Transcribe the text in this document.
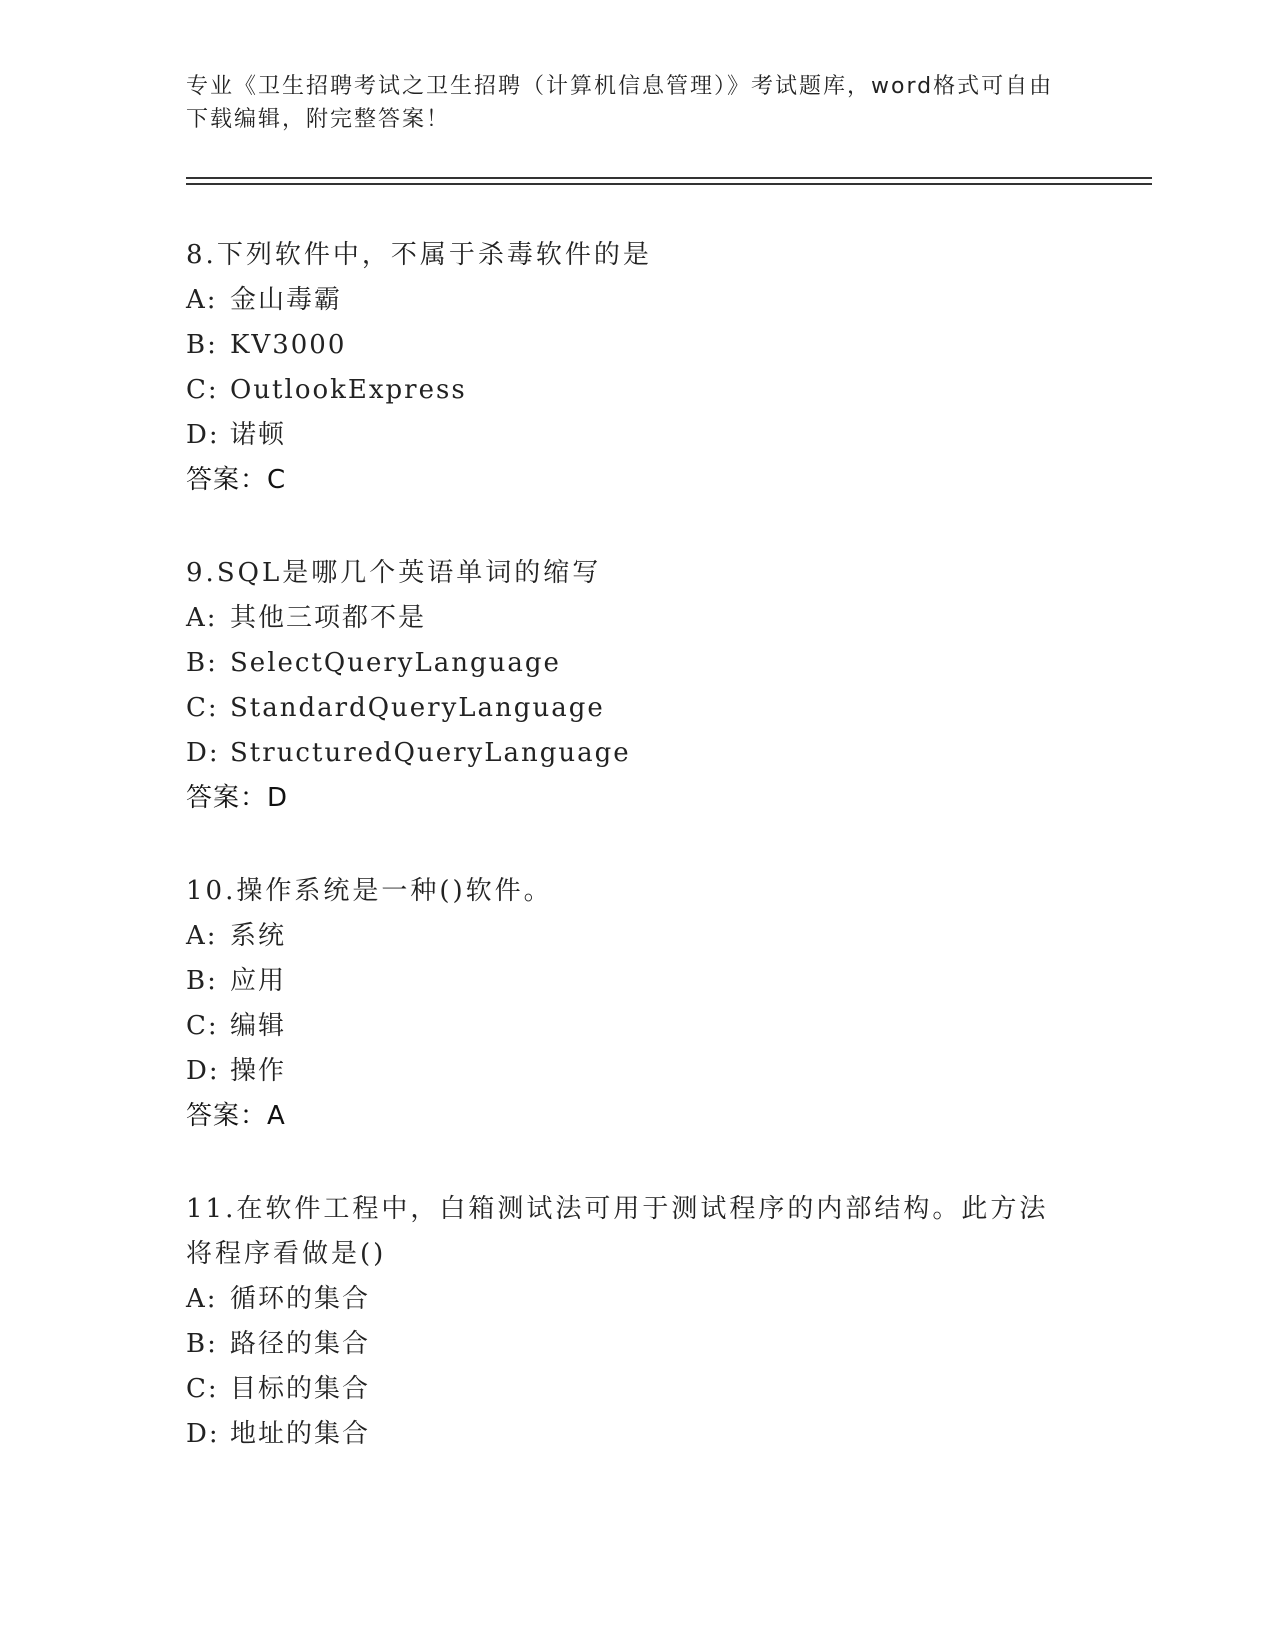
专业《卫生招聘考试之卫生招聘（计算机信息管理）》考试题库，word格式可自由下载编辑，附完整答案！
8.下列软件中，不属于杀毒软件的是
A: 金山毒霸
B: KV3000
C: OutlookExpress
D: 诺顿
答案：C
9.SQL是哪几个英语单词的缩写
A: 其他三项都不是
B: SelectQueryLanguage
C: StandardQueryLanguage
D: StructuredQueryLanguage
答案：D
10.操作系统是一种()软件。
A: 系统
B: 应用
C: 编辑
D: 操作
答案：A
11.在软件工程中，白箱测试法可用于测试程序的内部结构。此方法将程序看做是()
A: 循环的集合
B: 路径的集合
C: 目标的集合
D: 地址的集合
